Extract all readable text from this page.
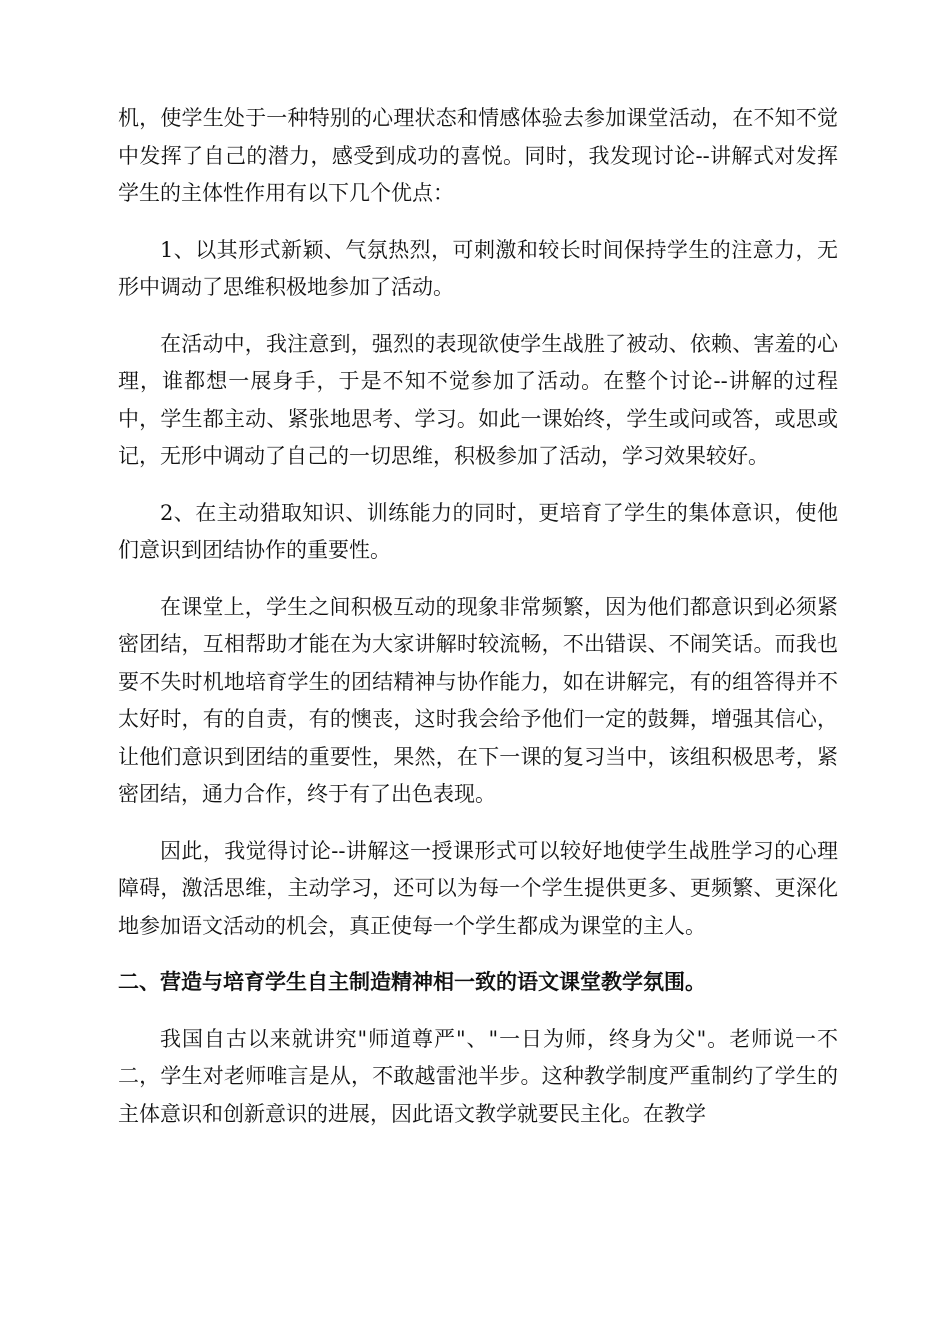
机，使学生处于一种特别的心理状态和情感体验去参加课堂活动，在不知不觉中发挥了自己的潜力，感受到成功的喜悦。同时，我发现讨论--讲解式对发挥学生的主体性作用有以下几个优点：

1、以其形式新颖、气氛热烈，可刺激和较长时间保持学生的注意力，无形中调动了思维积极地参加了活动。

在活动中，我注意到，强烈的表现欲使学生战胜了被动、依赖、害羞的心理，谁都想一展身手，于是不知不觉参加了活动。在整个讨论--讲解的过程中，学生都主动、紧张地思考、学习。如此一课始终，学生或问或答，或思或记，无形中调动了自己的一切思维，积极参加了活动，学习效果较好。

2、在主动猎取知识、训练能力的同时，更培育了学生的集体意识，使他们意识到团结协作的重要性。

在课堂上，学生之间积极互动的现象非常频繁，因为他们都意识到必须紧密团结，互相帮助才能在为大家讲解时较流畅，不出错误、不闹笑话。而我也要不失时机地培育学生的团结精神与协作能力，如在讲解完，有的组答得并不太好时，有的自责，有的懊丧，这时我会给予他们一定的鼓舞，增强其信心，让他们意识到团结的重要性，果然，在下一课的复习当中，该组积极思考，紧密团结，通力合作，终于有了出色表现。

因此，我觉得讨论--讲解这一授课形式可以较好地使学生战胜学习的心理障碍，激活思维，主动学习，还可以为每一个学生提供更多、更频繁、更深化地参加语文活动的机会，真正使每一个学生都成为课堂的主人。

二、营造与培育学生自主制造精神相一致的语文课堂教学氛围。

我国自古以来就讲究"师道尊严"、"一日为师，终身为父"。老师说一不二，学生对老师唯言是从，不敢越雷池半步。这种教学制度严重制约了学生的主体意识和创新意识的进展，因此语文教学就要民主化。在教学
